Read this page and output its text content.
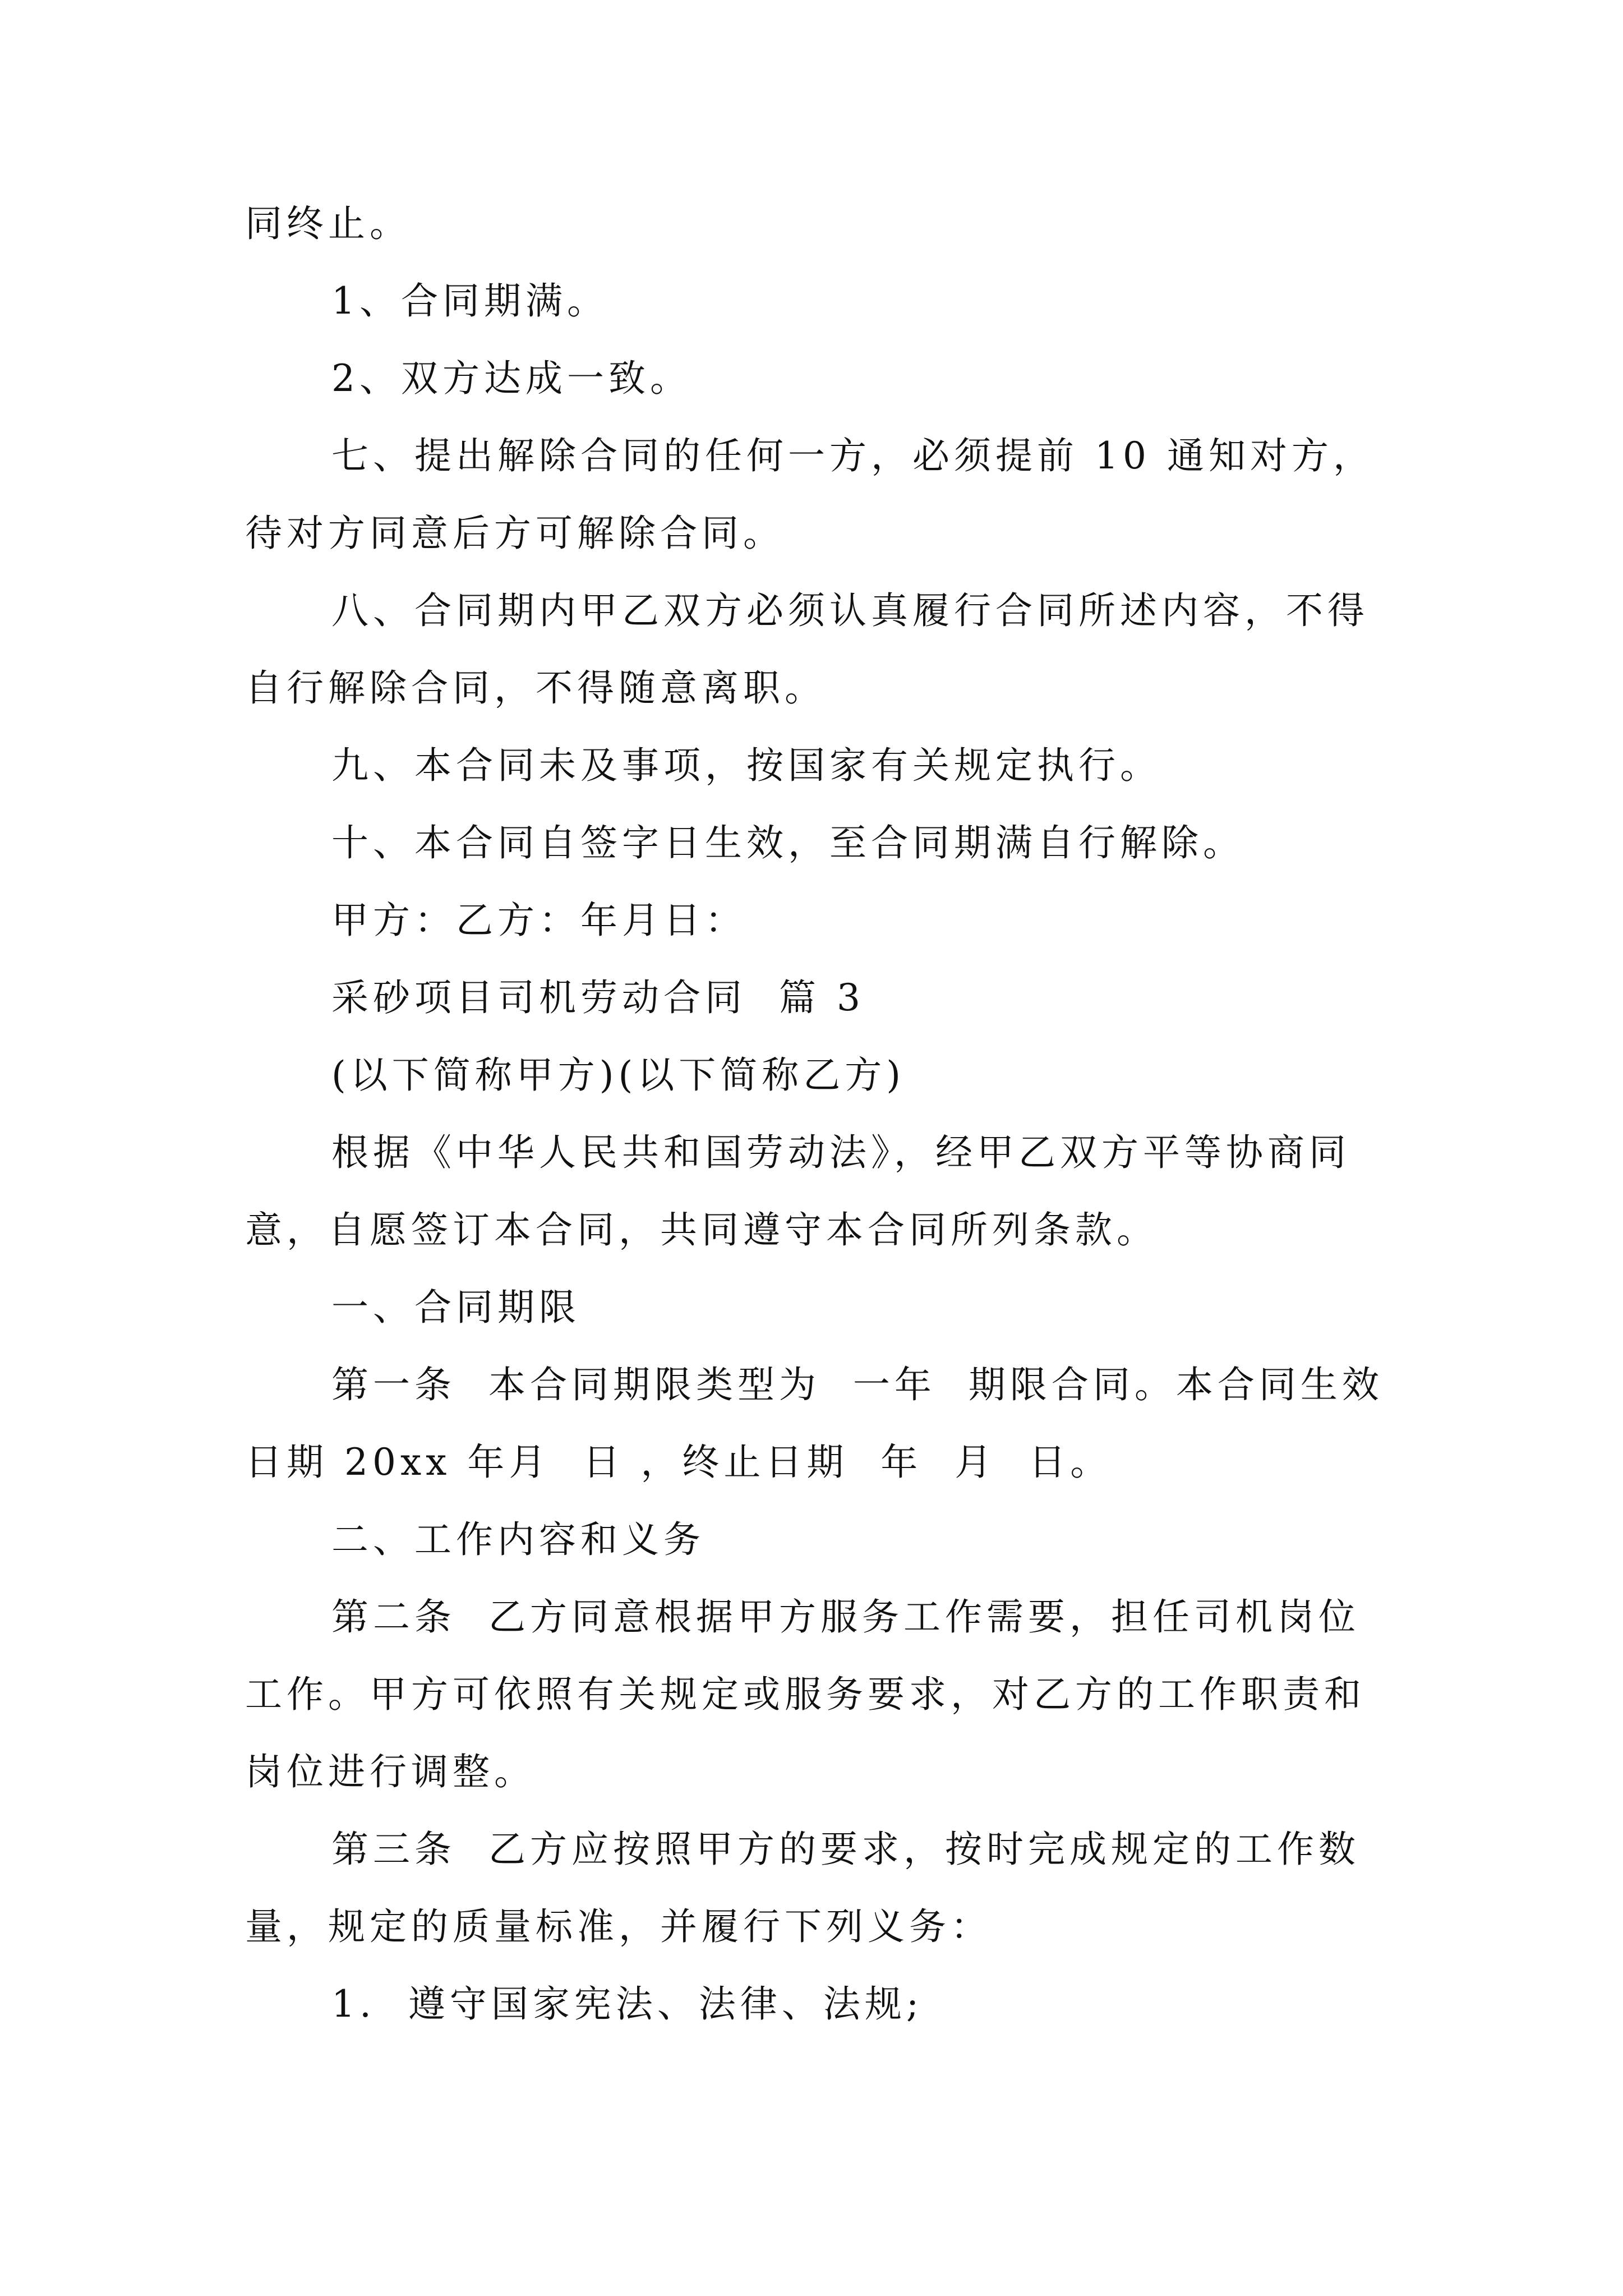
同终止。

1、合同期满。

2、双方达成一致。

七、提出解除合同的任何一方，必须提前 10 通知对方，待对方同意后方可解除合同。

八、合同期内甲乙双方必须认真履行合同所述内容，不得自行解除合同，不得随意离职。

九、本合同未及事项，按国家有关规定执行。

十、本合同自签字日生效，至合同期满自行解除。

甲方：乙方：年月日：

采砂项目司机劳动合同  篇 3

(以下简称甲方)(以下简称乙方)

根据《中华人民共和国劳动法》，经甲乙双方平等协商同意，自愿签订本合同，共同遵守本合同所列条款。

一、合同期限

第一条  本合同期限类型为  一年  期限合同。本合同生效日期 20xx 年月  日 ，终止日期  年  月  日。

二、工作内容和义务

第二条  乙方同意根据甲方服务工作需要，担任司机岗位工作。甲方可依照有关规定或服务要求，对乙方的工作职责和岗位进行调整。

第三条  乙方应按照甲方的要求，按时完成规定的工作数量，规定的质量标准，并履行下列义务：

1.  遵守国家宪法、法律、法规;
